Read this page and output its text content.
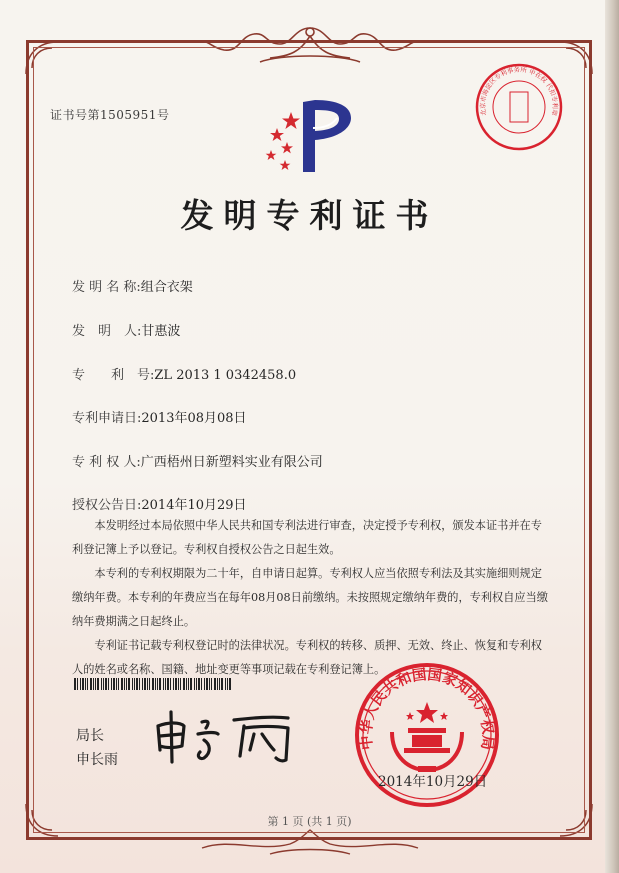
证书号第1505951号
发明专利证书
发 明 名 称:组合衣架
发　明　人:甘惠波
专　　利　号:ZL 2013 1 0342458.0
专利申请日:2013年08月08日
专 利 权 人:广西梧州日新塑料实业有限公司
授权公告日:2014年10月29日

本发明经过本局依照中华人民共和国专利法进行审查，决定授予专利权，颁发本证书并在专利登记簿上予以登记。专利权自授权公告之日起生效。

本专利的专利权期限为二十年，自申请日起算。专利权人应当依照专利法及其实施细则规定缴纳年费。本专利的年费应当在每年08月08日前缴纳。未按照规定缴纳年费的，专利权自应当缴纳年费期满之日起终止。

专利证书记载专利权登记时的法律状况。专利权的转移、质押、无效、终止、恢复和专利权人的姓名或名称、国籍、地址变更等事项记载在专利登记簿上。

局长
申长雨
中华人民共和国国家知识产权局
2014年10月29日
北京市海淀区专利事务所 申在权 代扣专利章
第 1 页 (共 1 页)
